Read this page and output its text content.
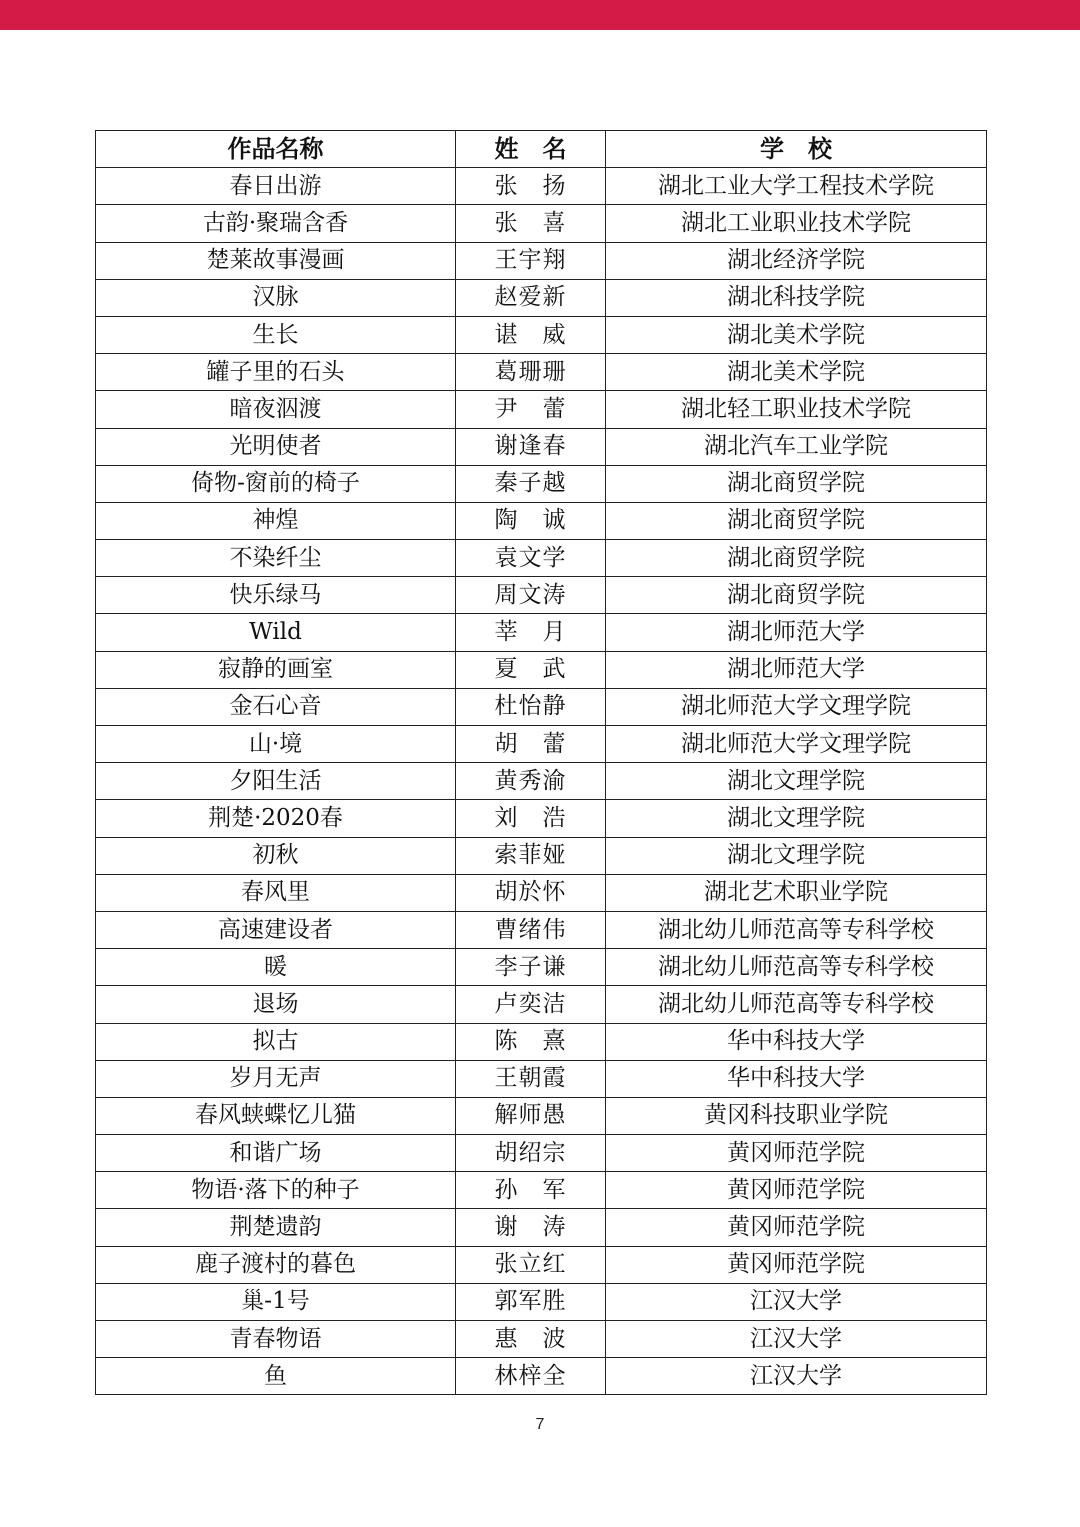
作品名称	姓　名	学　校
春日出游	张　扬	湖北工业大学工程技术学院
古韵·聚瑞含香	张　喜	湖北工业职业技术学院
楚莱故事漫画	王宇翔	湖北经济学院
汉脉	赵爱新	湖北科技学院
生长	谌　威	湖北美术学院
罐子里的石头	葛珊珊	湖北美术学院
暗夜泅渡	尹　蕾	湖北轻工职业技术学院
光明使者	谢逢春	湖北汽车工业学院
倚物-窗前的椅子	秦子越	湖北商贸学院
神煌	陶　诚	湖北商贸学院
不染纤尘	袁文学	湖北商贸学院
快乐绿马	周文涛	湖北商贸学院
Wild	莘　月	湖北师范大学
寂静的画室	夏　武	湖北师范大学
金石心音	杜怡静	湖北师范大学文理学院
山·境	胡　蕾	湖北师范大学文理学院
夕阳生活	黄秀渝	湖北文理学院
荆楚·2020春	刘　浩	湖北文理学院
初秋	索菲娅	湖北文理学院
春风里	胡於怀	湖北艺术职业学院
高速建设者	曹绪伟	湖北幼儿师范高等专科学校
暖	李子谦	湖北幼儿师范高等专科学校
退场	卢奕洁	湖北幼儿师范高等专科学校
拟古	陈　熹	华中科技大学
岁月无声	王朝霞	华中科技大学
春风蛱蝶忆儿猫	解师愚	黄冈科技职业学院
和谐广场	胡绍宗	黄冈师范学院
物语·落下的种子	孙　军	黄冈师范学院
荆楚遗韵	谢　涛	黄冈师范学院
鹿子渡村的暮色	张立红	黄冈师范学院
巢-1号	郭军胜	江汉大学
青春物语	惠　波	江汉大学
鱼	林梓全	江汉大学
7
